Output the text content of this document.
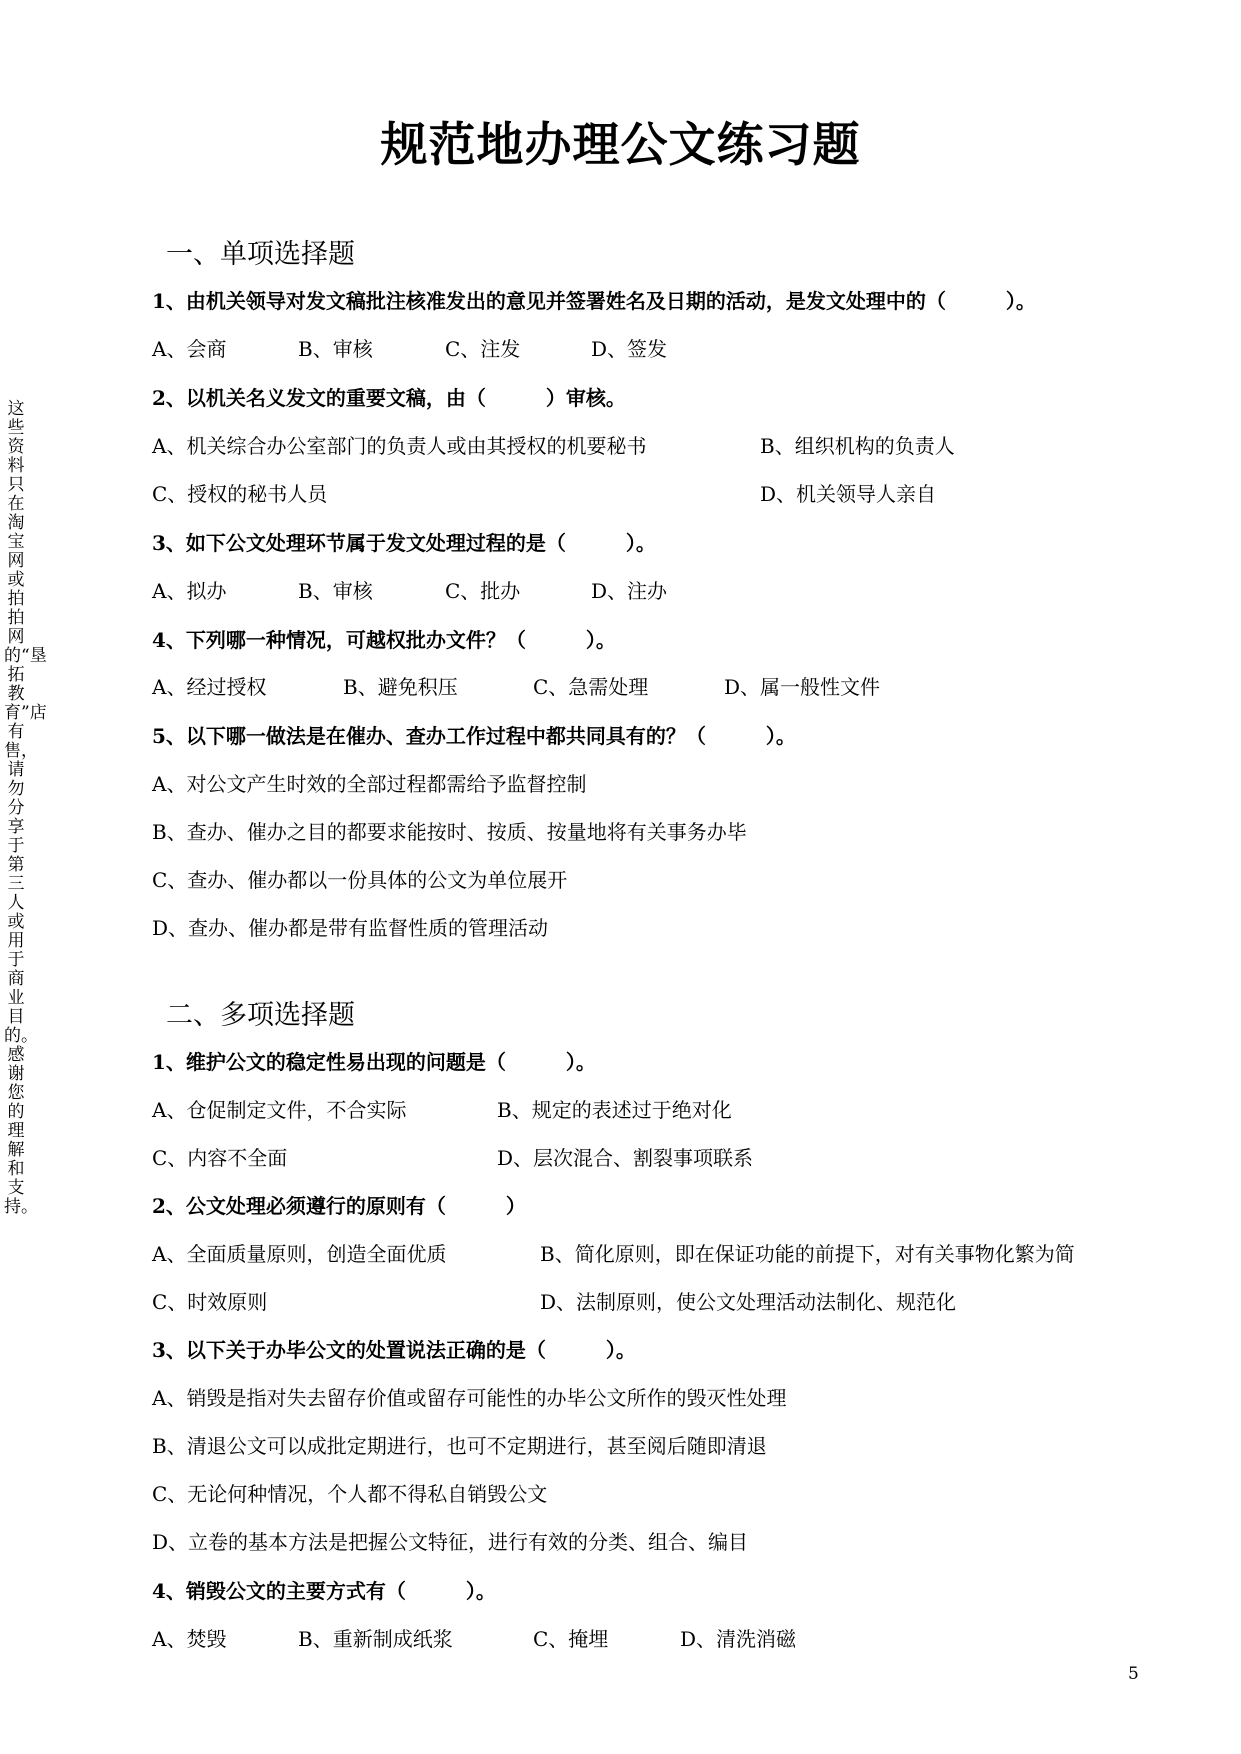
规范地办理公文练习题
这些资料只在淘宝网或拍拍网的“垦拓教育”店有售，请勿分享于第三人或用于商业目的。感谢您的理解和支持。
一、单项选择题
1、由机关领导对发文稿批注核准发出的意见并签署姓名及日期的活动，是发文处理中的（　　　）。
A、会商	B、审核	C、注发	D、签发
2、以机关名义发文的重要文稿，由（　　　）审核。
A、机关综合办公室部门的负责人或由其授权的机要秘书	B、组织机构的负责人
C、授权的秘书人员	D、机关领导人亲自
3、如下公文处理环节属于发文处理过程的是（　　　）。
A、拟办	B、审核	C、批办	D、注办
4、下列哪一种情况，可越权批办文件？（　　　）。
A、经过授权	B、避免积压	C、急需处理	D、属一般性文件
5、以下哪一做法是在催办、查办工作过程中都共同具有的？（　　　）。
A、对公文产生时效的全部过程都需给予监督控制
B、查办、催办之目的都要求能按时、按质、按量地将有关事务办毕
C、查办、催办都以一份具体的公文为单位展开
D、查办、催办都是带有监督性质的管理活动
二、多项选择题
1、维护公文的稳定性易出现的问题是（　　　）。
A、仓促制定文件，不合实际	B、规定的表述过于绝对化
C、内容不全面	D、层次混合、割裂事项联系
2、公文处理必须遵行的原则有（　　　）
A、全面质量原则，创造全面优质	B、简化原则，即在保证功能的前提下，对有关事物化繁为简
C、时效原则	D、法制原则，使公文处理活动法制化、规范化
3、以下关于办毕公文的处置说法正确的是（　　　）。
A、销毁是指对失去留存价值或留存可能性的办毕公文所作的毁灭性处理
B、清退公文可以成批定期进行，也可不定期进行，甚至阅后随即清退
C、无论何种情况，个人都不得私自销毁公文
D、立卷的基本方法是把握公文特征，进行有效的分类、组合、编目
4、销毁公文的主要方式有（　　　）。
A、焚毁	B、重新制成纸浆	C、掩埋	D、清洗消磁
5
